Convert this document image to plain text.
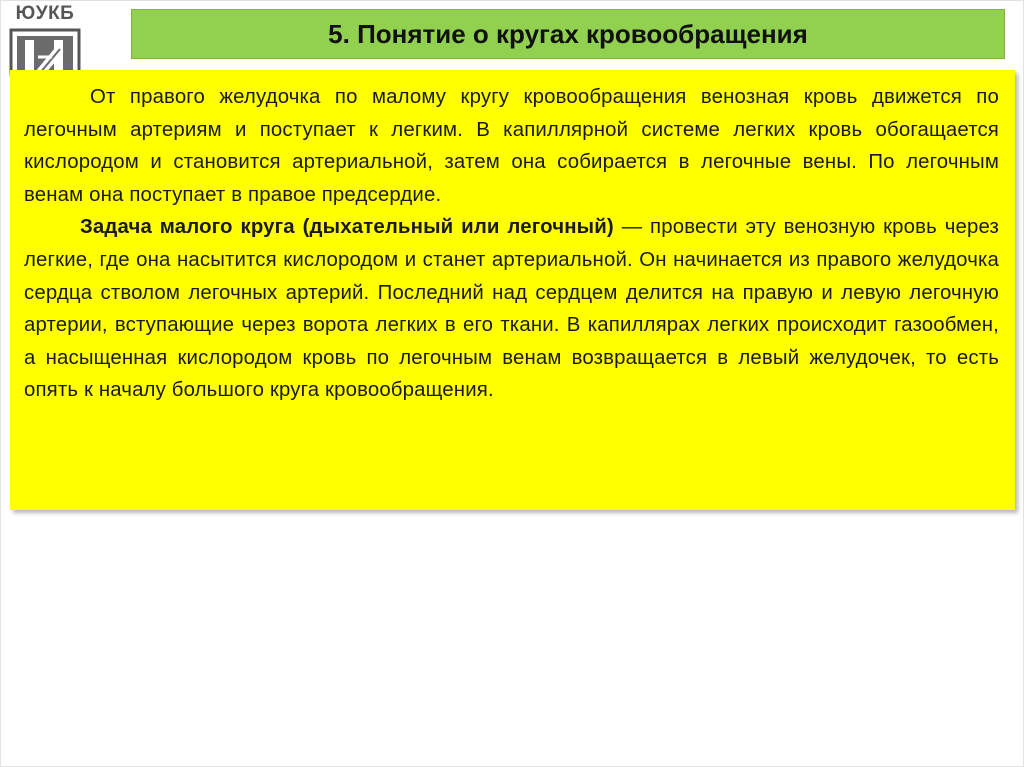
ЮУКБ
5. Понятие о кругах кровообращения

От правого желудочка по малому кругу кровообращения венозная кровь движется по легочным артериям и поступает к легким. В капиллярной системе легких кровь обогащается кислородом и становится артериальной, затем она собирается в легочные вены. По легочным венам она поступает в правое предсердие.

Задача малого круга (дыхательный или легочный) — провести эту венозную кровь через легкие, где она насытится кислородом и станет артериальной. Он начинается из правого желудочка сердца стволом легочных артерий. Последний над сердцем делится на правую и левую легочную артерии, вступающие через ворота легких в его ткани. В капиллярах легких происходит газообмен, а насыщенная кислородом кровь по легочным венам возвращается в левый желудочек, то есть опять к началу большого круга кровообращения.
